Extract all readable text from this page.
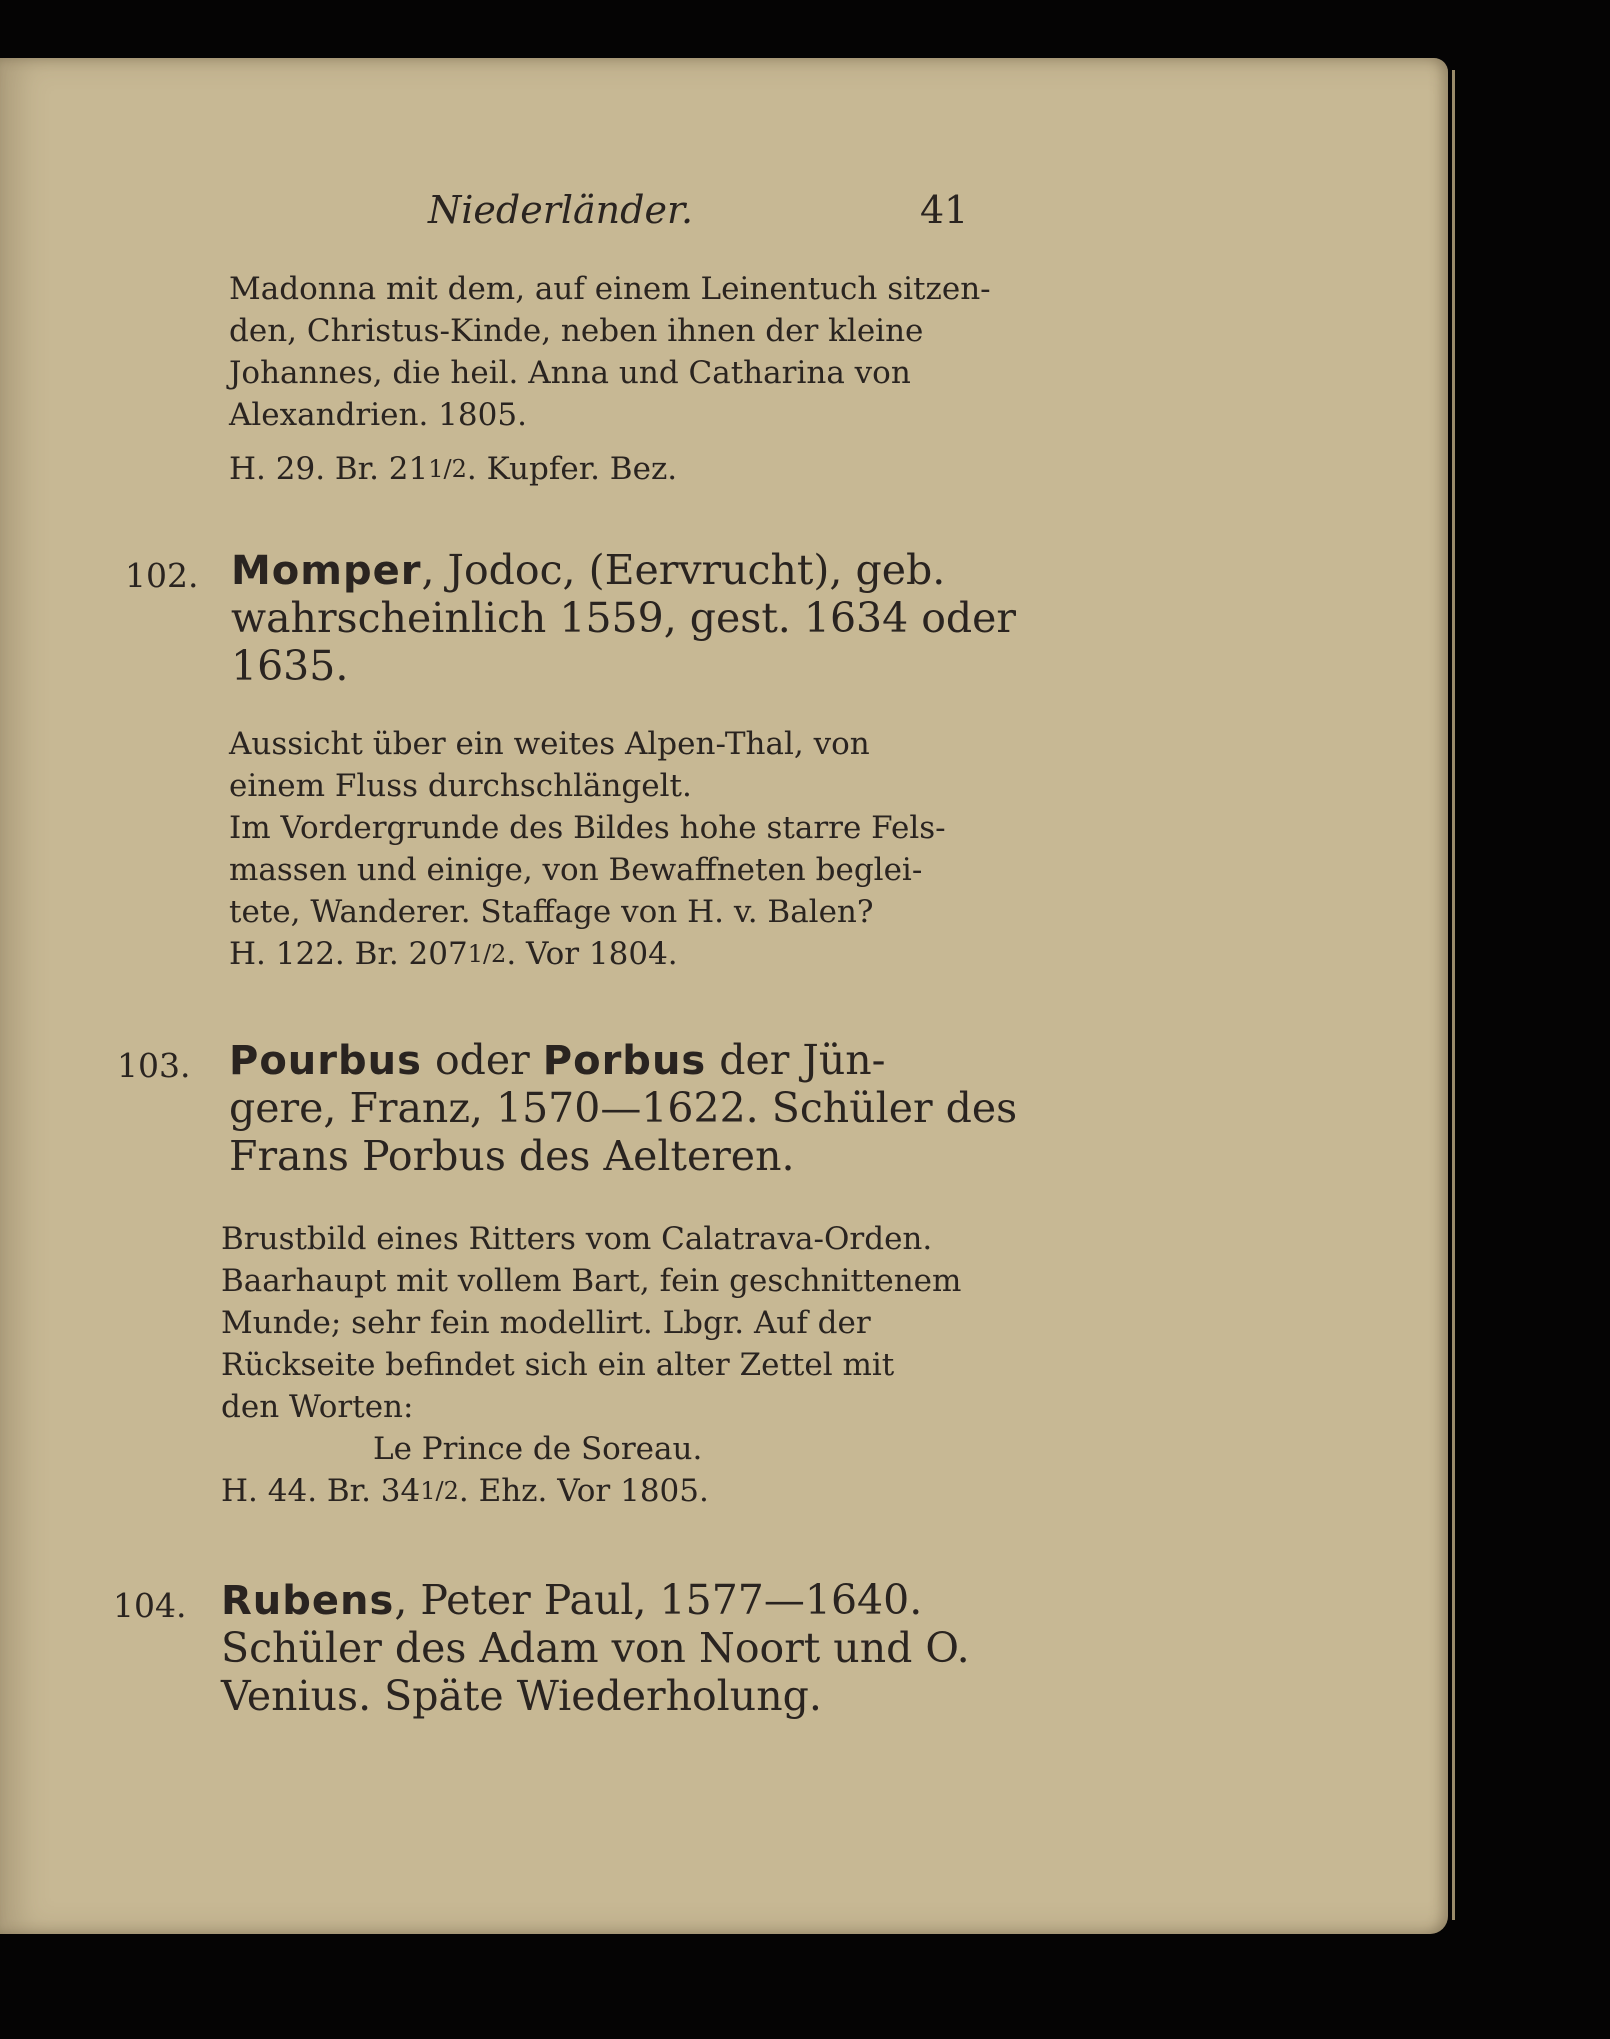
Niederländer.	41
Madonna mit dem, auf einem Leinentuch sitzen-
den, Christus-Kinde, neben ihnen der kleine
Johannes, die heil. Anna und Catharina von
Alexandrien. 1805.
H. 29. Br. 211/2. Kupfer. Bez.
102. Momper, Jodoc, (Eervrucht), geb.
wahrscheinlich 1559, gest. 1634 oder
1635.
Aussicht über ein weites Alpen-Thal, von
einem Fluss durchschlängelt.
Im Vordergrunde des Bildes hohe starre Fels-
massen und einige, von Bewaffneten beglei-
tete, Wanderer. Staffage von H. v. Balen?
H. 122. Br. 2071/2. Vor 1804.
103. Pourbus oder Porbus der Jün-
gere, Franz, 1570—1622. Schüler des
Frans Porbus des Aelteren.
Brustbild eines Ritters vom Calatrava-Orden.
Baarhaupt mit vollem Bart, fein geschnittenem
Munde; sehr fein modellirt. Lbgr. Auf der
Rückseite befindet sich ein alter Zettel mit
den Worten:
Le Prince de Soreau.
H. 44. Br. 341/2. Ehz. Vor 1805.
104. Rubens, Peter Paul, 1577—1640.
Schüler des Adam von Noort und O.
Venius. Späte Wiederholung.
